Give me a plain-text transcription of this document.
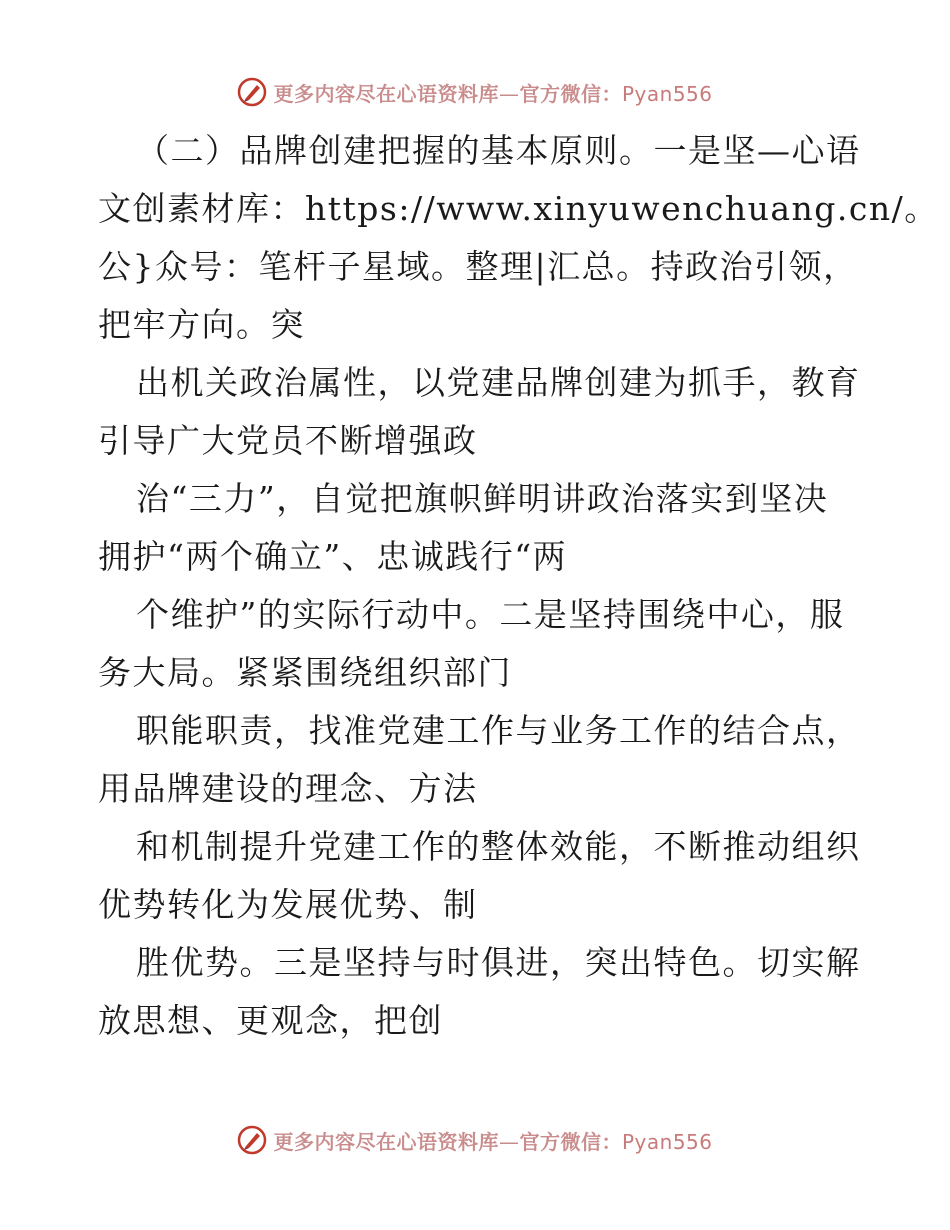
更多内容尽在心语资料库—官方微信：Pyan556
（二）品牌创建把握的基本原则。一是坚—心语
文创素材库：https://www.xinyuwenchuang.cn/。
公}众号：笔杆子星域。整理|汇总。持政治引领，
把牢方向。突
出机关政治属性，以党建品牌创建为抓手，教育
引导广大党员不断增强政
治“三力”，自觉把旗帜鲜明讲政治落实到坚决
拥护“两个确立”、忠诚践行“两
个维护”的实际行动中。二是坚持围绕中心，服
务大局。紧紧围绕组织部门
职能职责，找准党建工作与业务工作的结合点，
用品牌建设的理念、方法
和机制提升党建工作的整体效能，不断推动组织
优势转化为发展优势、制
胜优势。三是坚持与时俱进，突出特色。切实解
放思想、更观念，把创
更多内容尽在心语资料库—官方微信：Pyan556
